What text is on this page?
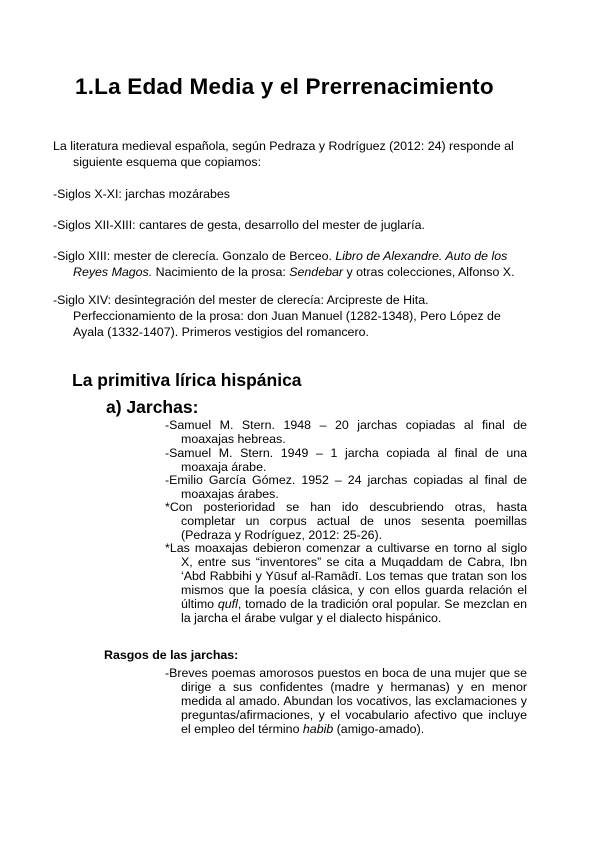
1.La Edad Media y el Prerrenacimiento
La literatura medieval española, según Pedraza y Rodríguez (2012: 24) responde al siguiente esquema que copiamos:
-Siglos X-XI: jarchas mozárabes
-Siglos XII-XIII: cantares de gesta, desarrollo del mester de juglaría.
-Siglo XIII: mester de clerecía. Gonzalo de Berceo. Libro de Alexandre. Auto de los Reyes Magos. Nacimiento de la prosa: Sendebar y otras colecciones, Alfonso X.
-Siglo XIV: desintegración del mester de clerecía: Arcipreste de Hita. Perfeccionamiento de la prosa: don Juan Manuel (1282-1348), Pero López de Ayala (1332-1407). Primeros vestigios del romancero.
La primitiva lírica hispánica
a) Jarchas:
-Samuel M. Stern. 1948 – 20 jarchas copiadas al final de moaxajas hebreas.
-Samuel M. Stern. 1949 – 1 jarcha copiada al final de una moaxaja árabe.
-Emilio García Gómez. 1952 – 24 jarchas copiadas al final de moaxajas árabes.
*Con posterioridad se han ido descubriendo otras, hasta completar un corpus actual de unos sesenta poemillas (Pedraza y Rodríguez, 2012: 25-26).
*Las moaxajas debieron comenzar a cultivarse en torno al siglo X, entre sus “inventores” se cita a Muqaddam de Cabra, Ibn ‘Abd Rabbihi y Yūsuf al-Ramādī. Los temas que tratan son los mismos que la poesía clásica, y con ellos guarda relación el último qufl, tomado de la tradición oral popular. Se mezclan en la jarcha el árabe vulgar y el dialecto hispánico.
Rasgos de las jarchas:
-Breves poemas amorosos puestos en boca de una mujer que se dirige a sus confidentes (madre y hermanas) y en menor medida al amado. Abundan los vocativos, las exclamaciones y preguntas/afirmaciones, y el vocabulario afectivo que incluye el empleo del término habib (amigo-amado).
